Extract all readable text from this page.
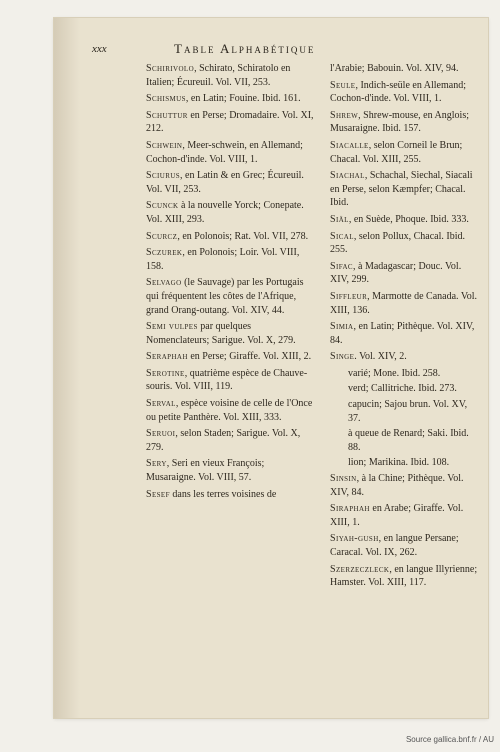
xxx	Table Alphabétique

Schirivolo, Schirato, Schiratolo en Italien; Écureuil. Vol. VII, 253.

Schismus, en Latin; Fouine. Ibid. 161.

Schuttur en Perse; Dromadaire. Vol. XI, 212.

Schwein, Meer-schwein, en Allemand; Cochon-d'inde. Vol. VIII, 1.

Sciurus, en Latin & en Grec; Écureuil. Vol. VII, 253.

Scunck à la nouvelle Yorck; Conepate. Vol. XIII, 293.

Scurcz, en Polonois; Rat. Vol. VII, 278.

Sczurek, en Polonois; Loir. Vol. VIII, 158.

Selvago (le Sauvage) par les Portugais qui fréquentent les côtes de l'Afrique, grand Orang-outang. Vol. XIV, 44.

Semi vulpes par quelques Nomenclateurs; Sarigue. Vol. X, 279.

Seraphah en Perse; Giraffe. Vol. XIII, 2.

Serotine, quatrième espèce de Chauve-souris. Vol. VIII, 119.

Serval, espèce voisine de celle de l'Once ou petite Panthère. Vol. XIII, 333.

Seruoi, selon Staden; Sarigue. Vol. X, 279.

Sery, Seri en vieux François; Musaraigne. Vol. VIII, 57.

Sesef dans les terres voisines de

l'Arabie; Babouin. Vol. XIV, 94.

Seule, Indich-seüle en Allemand; Cochon-d'inde. Vol. VIII, 1.

Shrew, Shrew-mouse, en Anglois; Musaraigne. Ibid. 157.

Siacalle, selon Corneil le Brun; Chacal. Vol. XIII, 255.

Siachal, Schachal, Siechal, Siacali en Perse, selon Kæmpfer; Chacal. Ibid.

Siäl, en Suède, Phoque. Ibid. 333.

Sical, selon Pollux, Chacal. Ibid. 255.

Sifac, à Madagascar; Douc. Vol. XIV, 299.

Siffleur, Marmotte de Canada. Vol. XIII, 136.

Simia, en Latin; Pithèque. Vol. XIV, 84.

Singe. Vol. XIV, 2.

varié; Mone. Ibid. 258.

verd; Callitriche. Ibid. 273.

capucin; Sajou brun. Vol. XV, 37.

à queue de Renard; Saki. Ibid. 88.

lion; Marikina. Ibid. 108.

Sinsin, à la Chine; Pithèque. Vol. XIV, 84.

Siraphah en Arabe; Giraffe. Vol. XIII, 1.

Siyah-gush, en langue Persane; Caracal. Vol. IX, 262.

Szerzeczleck, en langue Illyrienne; Hamster. Vol. XIII, 117.

Source gallica.bnf.fr / AU
